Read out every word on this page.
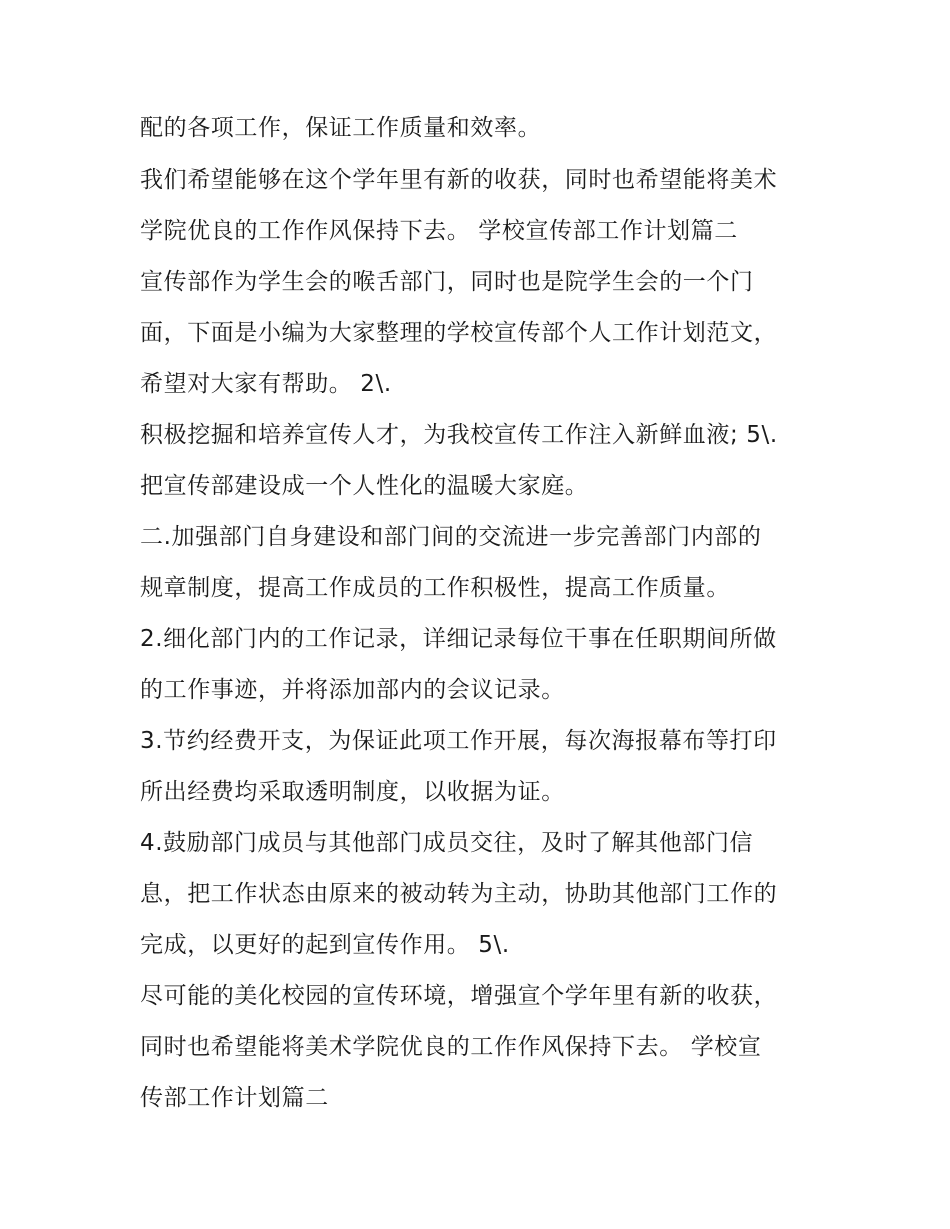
配的各项工作，保证工作质量和效率。
我们希望能够在这个学年里有新的收获，同时也希望能将美术
学院优良的工作作风保持下去。 学校宣传部工作计划篇二
宣传部作为学生会的喉舌部门，同时也是院学生会的一个门
面，下面是小编为大家整理的学校宣传部个人工作计划范文，
希望对大家有帮助。 2\.
积极挖掘和培养宣传人才，为我校宣传工作注入新鲜血液; 5\.
把宣传部建设成一个人性化的温暖大家庭。
二.加强部门自身建设和部门间的交流进一步完善部门内部的
规章制度，提高工作成员的工作积极性，提高工作质量。
2.细化部门内的工作记录，详细记录每位干事在任职期间所做
的工作事迹，并将添加部内的会议记录。
3.节约经费开支，为保证此项工作开展，每次海报幕布等打印
所出经费均采取透明制度，以收据为证。
4.鼓励部门成员与其他部门成员交往，及时了解其他部门信
息，把工作状态由原来的被动转为主动，协助其他部门工作的
完成，以更好的起到宣传作用。 5\.
尽可能的美化校园的宣传环境，增强宣个学年里有新的收获，
同时也希望能将美术学院优良的工作作风保持下去。 学校宣
传部工作计划篇二
